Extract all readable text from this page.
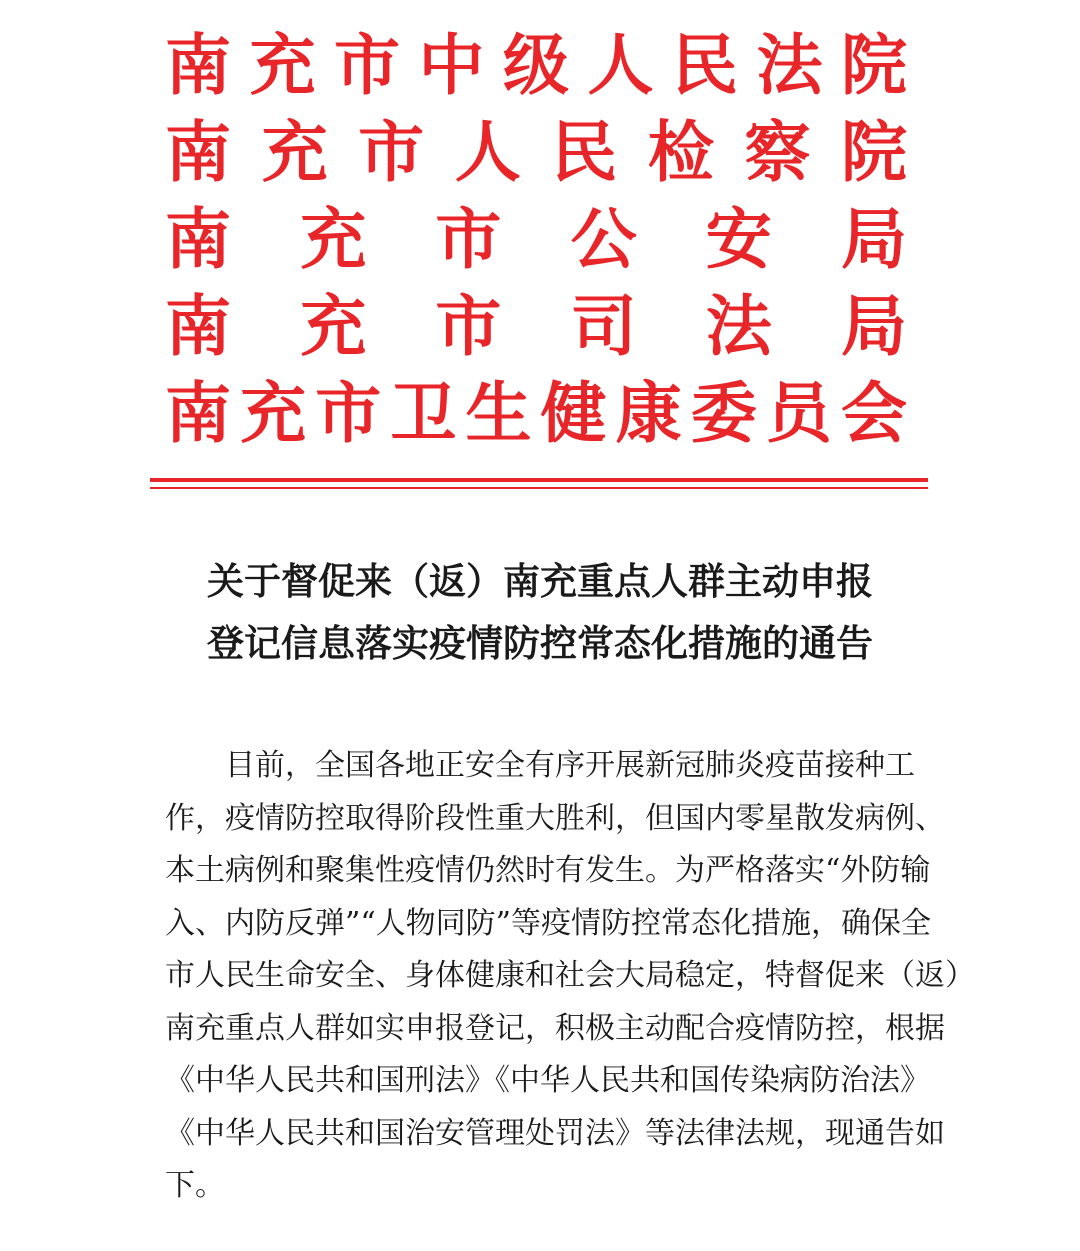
南 充 市 中 级 人 民 法 院
南 充 市 人 民 检 察 院
南 充 市 公 安 局
南 充 市 司 法 局
南 充 市 卫 生 健 康 委 员 会
关于督促来（返）南充重点人群主动申报
登记信息落实疫情防控常态化措施的通告
目前，全国各地正安全有序开展新冠肺炎疫苗接种工
作，疫情防控取得阶段性重大胜利，但国内零星散发病例、
本土病例和聚集性疫情仍然时有发生。为严格落实“外防输
入、内防反弹”“人物同防”等疫情防控常态化措施，确保全
市人民生命安全、身体健康和社会大局稳定，特督促来（返）
南充重点人群如实申报登记，积极主动配合疫情防控，根据
《中华人民共和国刑法》《中华人民共和国传染病防治法》
《中华人民共和国治安管理处罚法》等法律法规，现通告如
下。
